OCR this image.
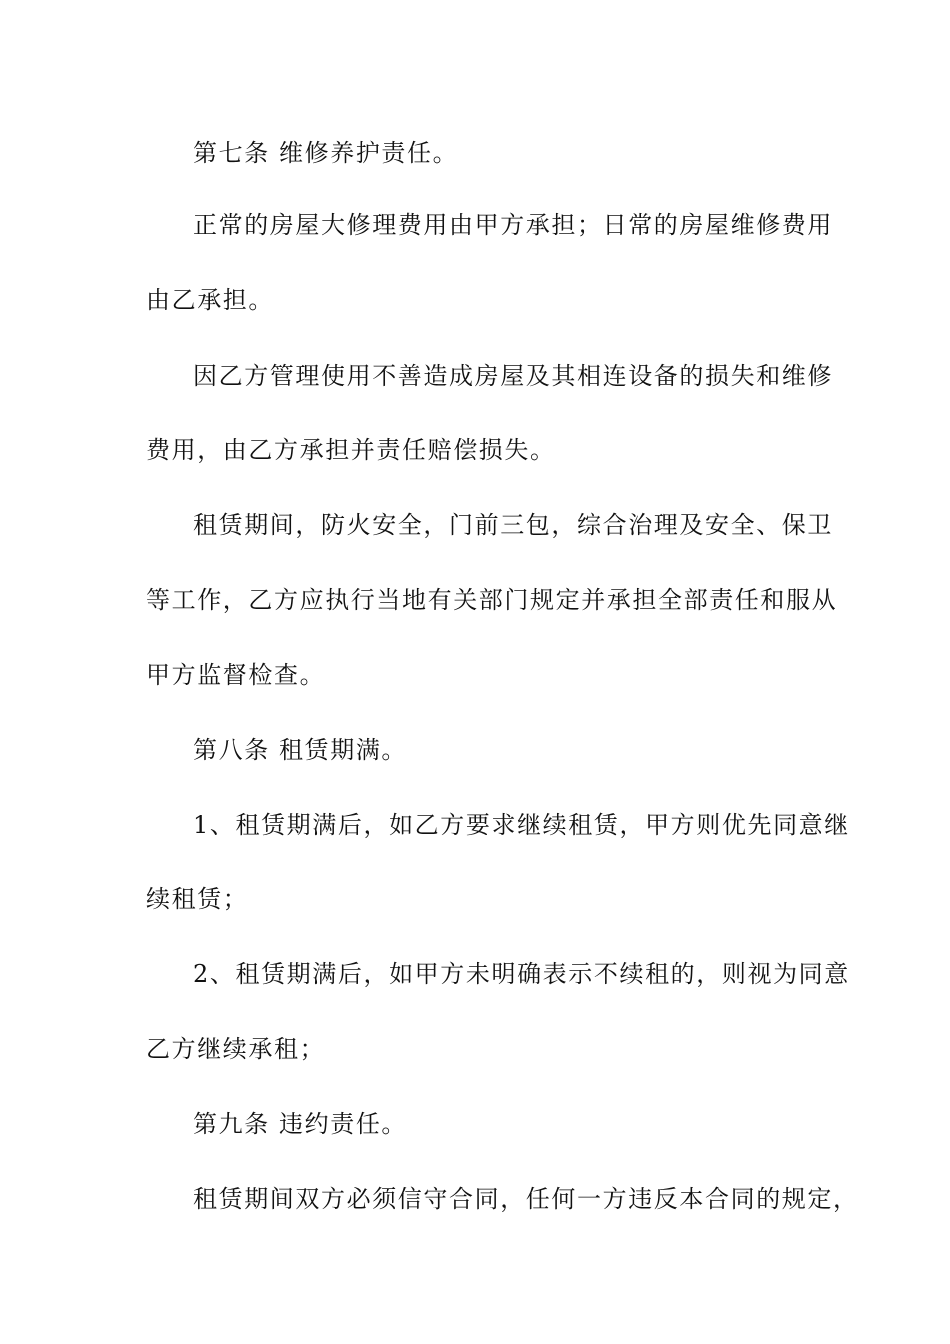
第七条 维修养护责任。
正常的房屋大修理费用由甲方承担；日常的房屋维修费用
由乙承担。
因乙方管理使用不善造成房屋及其相连设备的损失和维修
费用，由乙方承担并责任赔偿损失。
租赁期间，防火安全，门前三包，综合治理及安全、保卫
等工作，乙方应执行当地有关部门规定并承担全部责任和服从
甲方监督检查。
第八条 租赁期满。
1、租赁期满后，如乙方要求继续租赁，甲方则优先同意继
续租赁；
2、租赁期满后，如甲方未明确表示不续租的，则视为同意
乙方继续承租；
第九条 违约责任。
租赁期间双方必须信守合同，任何一方违反本合同的规定，
